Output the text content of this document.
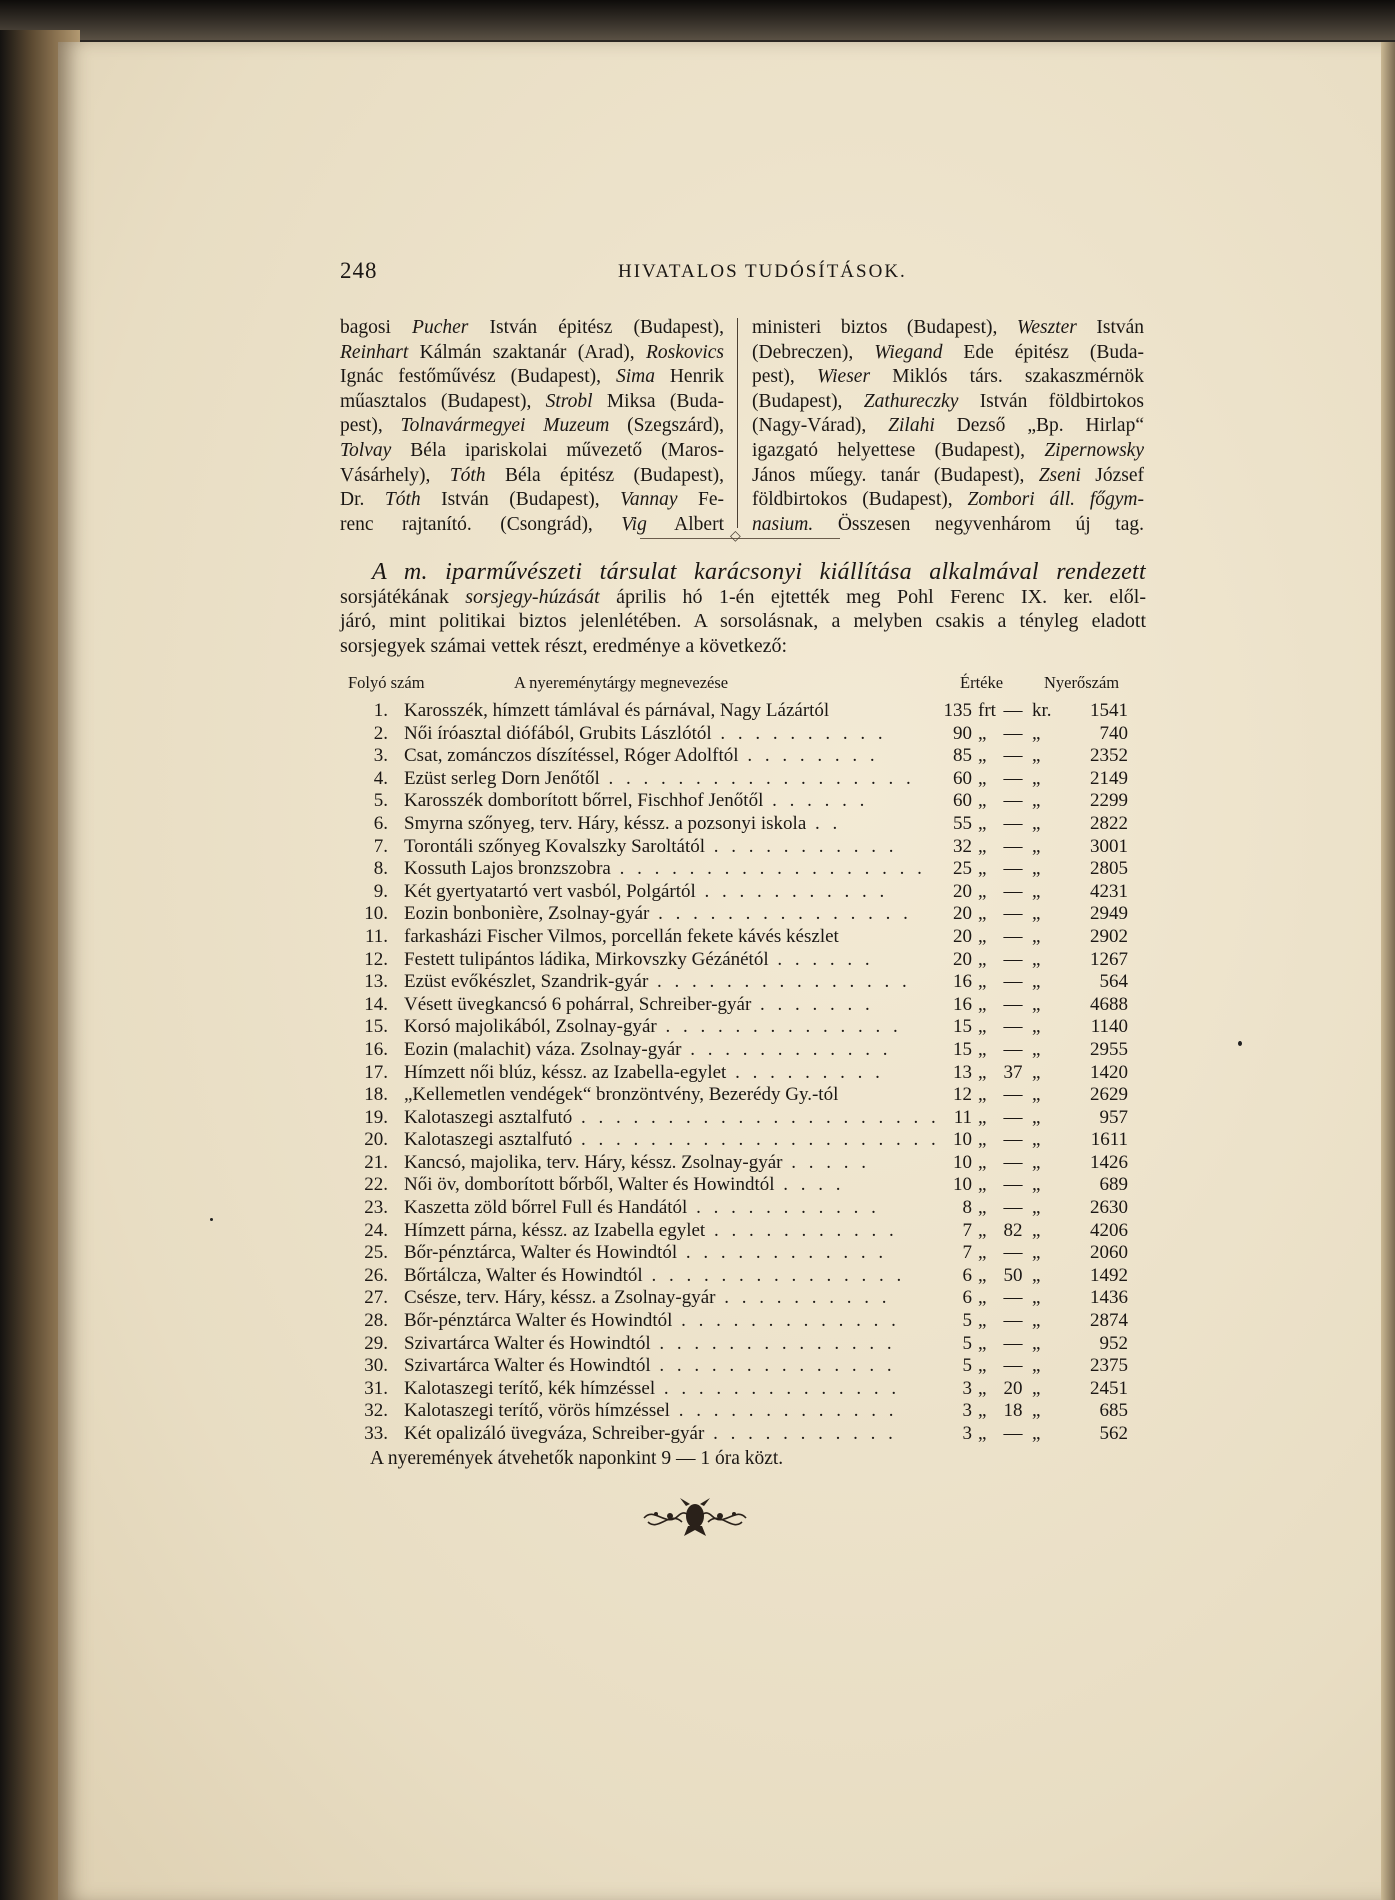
248	HIVATALOS TUDÓSÍTÁSOK.
bagosi Pucher István épitész (Budapest),
Reinhart Kálmán szaktanár (Arad), Roskovics
Ignác festőművész (Budapest), Sima Henrik
műasztalos (Budapest), Strobl Miksa (Buda-
pest), Tolnavármegyei Muzeum (Szegszárd),
Tolvay Béla ipariskolai művezető (Maros-
Vásárhely), Tóth Béla épitész (Budapest),
Dr. Tóth István (Budapest), Vannay Fe-
renc rajtanító. (Csongrád), Vig Albert
ministeri biztos (Budapest), Weszter István
(Debreczen), Wiegand Ede épitész (Buda-
pest), Wieser Miklós társ. szakaszmérnök
(Budapest), Zathureczky István földbirtokos
(Nagy-Várad), Zilahi Dezső „Bp. Hirlap“
igazgató helyettese (Budapest), Zipernowsky
János műegy. tanár (Budapest), Zseni József
földbirtokos (Budapest), Zombori áll. főgym-
nasium. Összesen negyvenhárom új tag.
◇
A m. iparművészeti társulat karácsonyi kiállítása alkalmával rendezett
sorsjátékának sorsjegy-húzását április hó 1-én ejtették meg Pohl Ferenc IX. ker. elől-
járó, mint politikai biztos jelenlétében. A sorsolásnak, a melyben csakis a tényleg eladott
sorsjegyek számai vettek részt, eredménye a következő:
Folyó szám	A nyereménytárgy megnevezése	Értéke Nyerőszám
1. Karosszék, hímzett támlával és párnával, Nagy Lázártól	135 frt — kr.	1541
2. Női íróasztal diófából, Grubits Lászlótól . . . . . . . . . .	90 „ — „	740
3. Csat, zománczos díszítéssel, Róger Adolftól . . . . . . . .	85 „ — „	2352
4. Ezüst serleg Dorn Jenőtől . . . . . . . . . . . . . . . . . .	60 „ — „	2149
5. Karosszék domborított bőrrel, Fischhof Jenőtől . . . . . .	60 „ — „	2299
6. Smyrna szőnyeg, terv. Háry, késsz. a pozsonyi iskola . .	55 „ — „	2822
7. Torontáli szőnyeg Kovalszky Saroltától . . . . . . . . . . .	32 „ — „	3001
8. Kossuth Lajos bronzszobra . . . . . . . . . . . . . . . . . .	25 „ — „	2805
9. Két gyertyatartó vert vasból, Polgártól . . . . . . . . . . .	20 „ — „	4231
10. Eozin bonbonière, Zsolnay-gyár . . . . . . . . . . . . . . .	20 „ — „	2949
11. farkasházi Fischer Vilmos, porcellán fekete kávés készlet	20 „ — „	2902
12. Festett tulipántos ládika, Mirkovszky Gézánétól . . . . . .	20 „ — „	1267
13. Ezüst evőkészlet, Szandrik-gyár . . . . . . . . . . . . . . .	16 „ — „	564
14. Vésett üvegkancsó 6 pohárral, Schreiber-gyár . . . . . . .	16 „ — „	4688
15. Korsó majolikából, Zsolnay-gyár . . . . . . . . . . . . . .	15 „ — „	1140
16. Eozin (malachit) váza. Zsolnay-gyár . . . . . . . . . . . .	15 „ — „	2955
17. Hímzett női blúz, késsz. az Izabella-egylet . . . . . . . . .	13 „ 37 „	1420
18. „Kellemetlen vendégek“ bronzöntvény, Bezerédy Gy.-tól	12 „ — „	2629
19. Kalotaszegi asztalfutó . . . . . . . . . . . . . . . . . . . . . 11 „ — „	957
20. Kalotaszegi asztalfutó . . . . . . . . . . . . . . . . . . . . . 10 „ — „	1611
21. Kancsó, majolika, terv. Háry, késsz. Zsolnay-gyár . . . . .	10 „ — „	1426
22. Női öv, domborított bőrből, Walter és Howindtól . . . .	10 „ — „	689
23. Kaszetta zöld bőrrel Full és Handától . . . . . . . . . . .	8 „ — „	2630
24. Hímzett párna, késsz. az Izabella egylet . . . . . . . . . . .	7 „ 82 „	4206
25. Bőr-pénztárca, Walter és Howindtól . . . . . . . . . . . .	7 „ — „	2060
26. Bőrtálcza, Walter és Howindtól . . . . . . . . . . . . . . .	6 „ 50 „	1492
27. Csésze, terv. Háry, késsz. a Zsolnay-gyár . . . . . . . . . .	6 „ — „	1436
28. Bőr-pénztárca Walter és Howindtól . . . . . . . . . . . . .	5 „ — „	2874
29. Szivartárca Walter és Howindtól . . . . . . . . . . . . . .	5 „ — „	952
30. Szivartárca Walter és Howindtól . . . . . . . . . . . . . .	5 „ — „	2375
31. Kalotaszegi terítő, kék hímzéssel . . . . . . . . . . . . . .	3 „ 20 „	2451
32. Kalotaszegi terítő, vörös hímzéssel . . . . . . . . . . . . .	3 „ 18 „	685
33. Két opalizáló üvegváza, Schreiber-gyár . . . . . . . . . . .	3 „ — „	562
A nyeremények átvehetők naponkint 9 — 1 óra közt.
